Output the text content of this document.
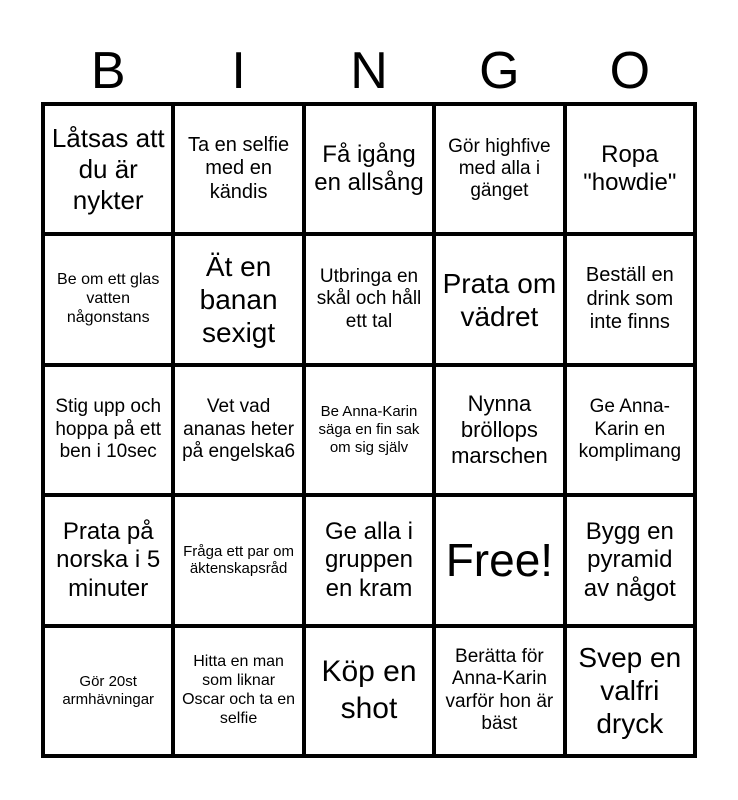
B	I	N	G	O
Låtsas att du är nykter
Ta en selfie med en kändis
Få igång en allsång
Gör highfive med alla i gänget
Ropa "howdie"
Be om ett glas vatten någonstans
Ät en banan sexigt
Utbringa en skål och håll ett tal
Prata om vädret
Beställ en drink som inte finns
Stig upp och hoppa på ett ben i 10sec
Vet vad ananas heter på engelska6
Be Anna-Karin säga en fin sak om sig själv
Nynna bröllops marschen
Ge Anna-Karin en komplimang
Prata på norska i 5 minuter
Fråga ett par om äktenskapsråd
Ge alla i gruppen en kram
Free!
Bygg en pyramid av något
Gör 20st armhävningar
Hitta en man som liknar Oscar och ta en selfie
Köp en shot
Berätta för Anna-Karin varför hon är bäst
Svep en valfri dryck
